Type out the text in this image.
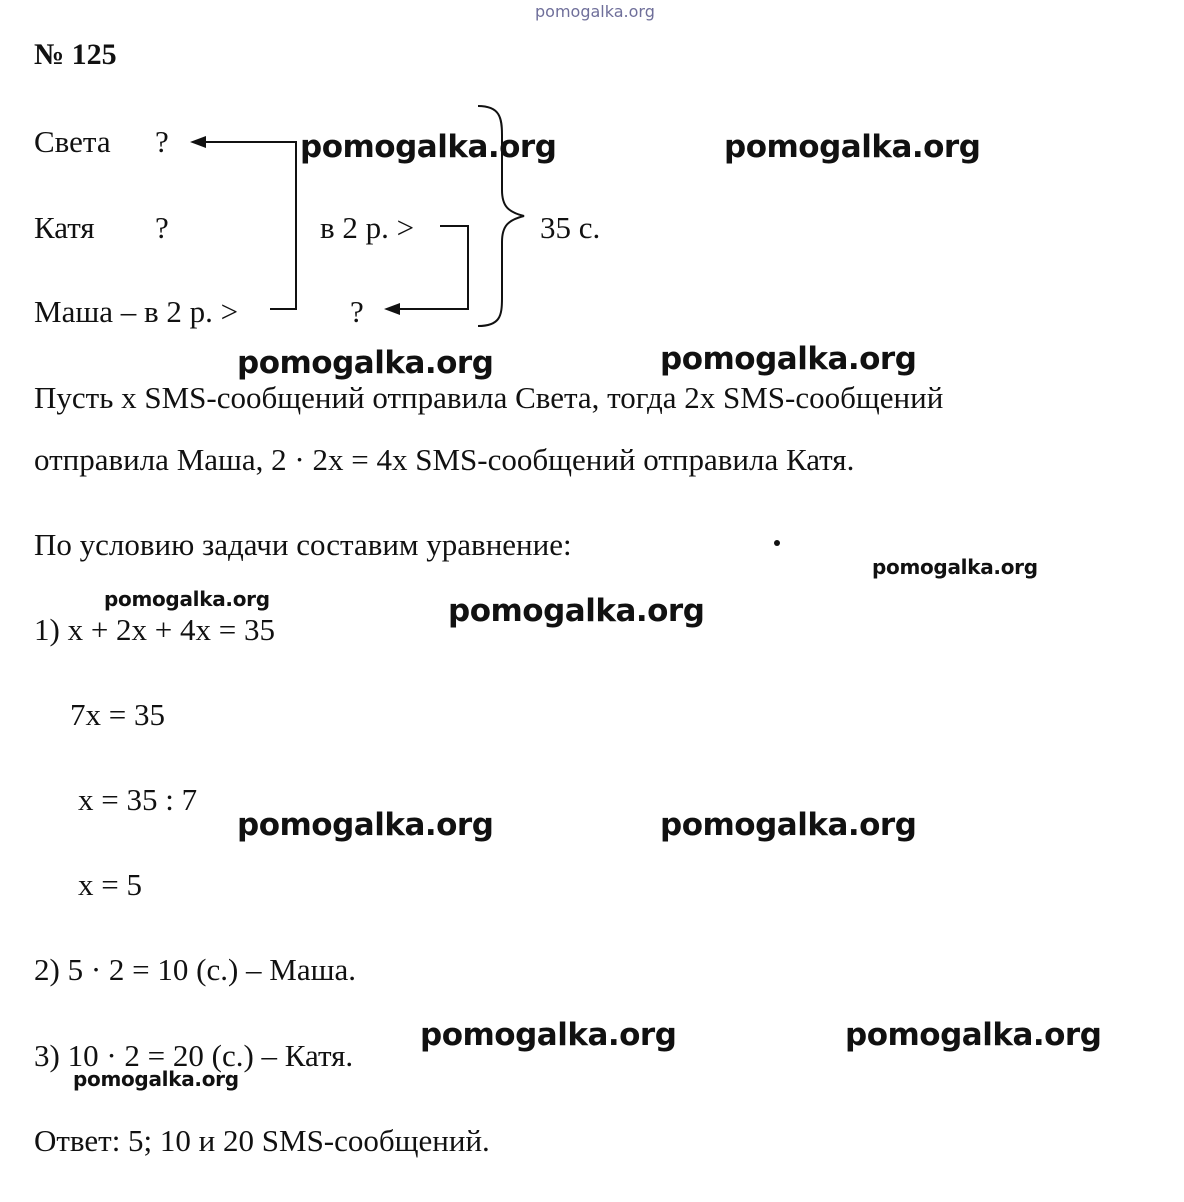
pomogalka.org
№ 125
Света ?
Катя ?
Маша – в 2 р. >	?
в 2 р. >	35 с.
Пусть x SMS-сообщений отправила Света, тогда 2x SMS-сообщений
отправила Маша, 2 · 2x = 4x SMS-сообщений отправила Катя.
По условию задачи составим уравнение:
1) x + 2x + 4x = 35
7x = 35
x = 35 : 7
x = 5
2) 5 · 2 = 10 (с.) – Маша.
3) 10 · 2 = 20 (с.) – Катя.
Ответ: 5; 10 и 20 SMS-сообщений.
pomogalka.org	pomogalka.org
pomogalka.org	pomogalka.org
pomogalka.org
pomogalka.org	pomogalka.org
pomogalka.org	pomogalka.org
pomogalka.org	pomogalka.org
pomogalka.org
